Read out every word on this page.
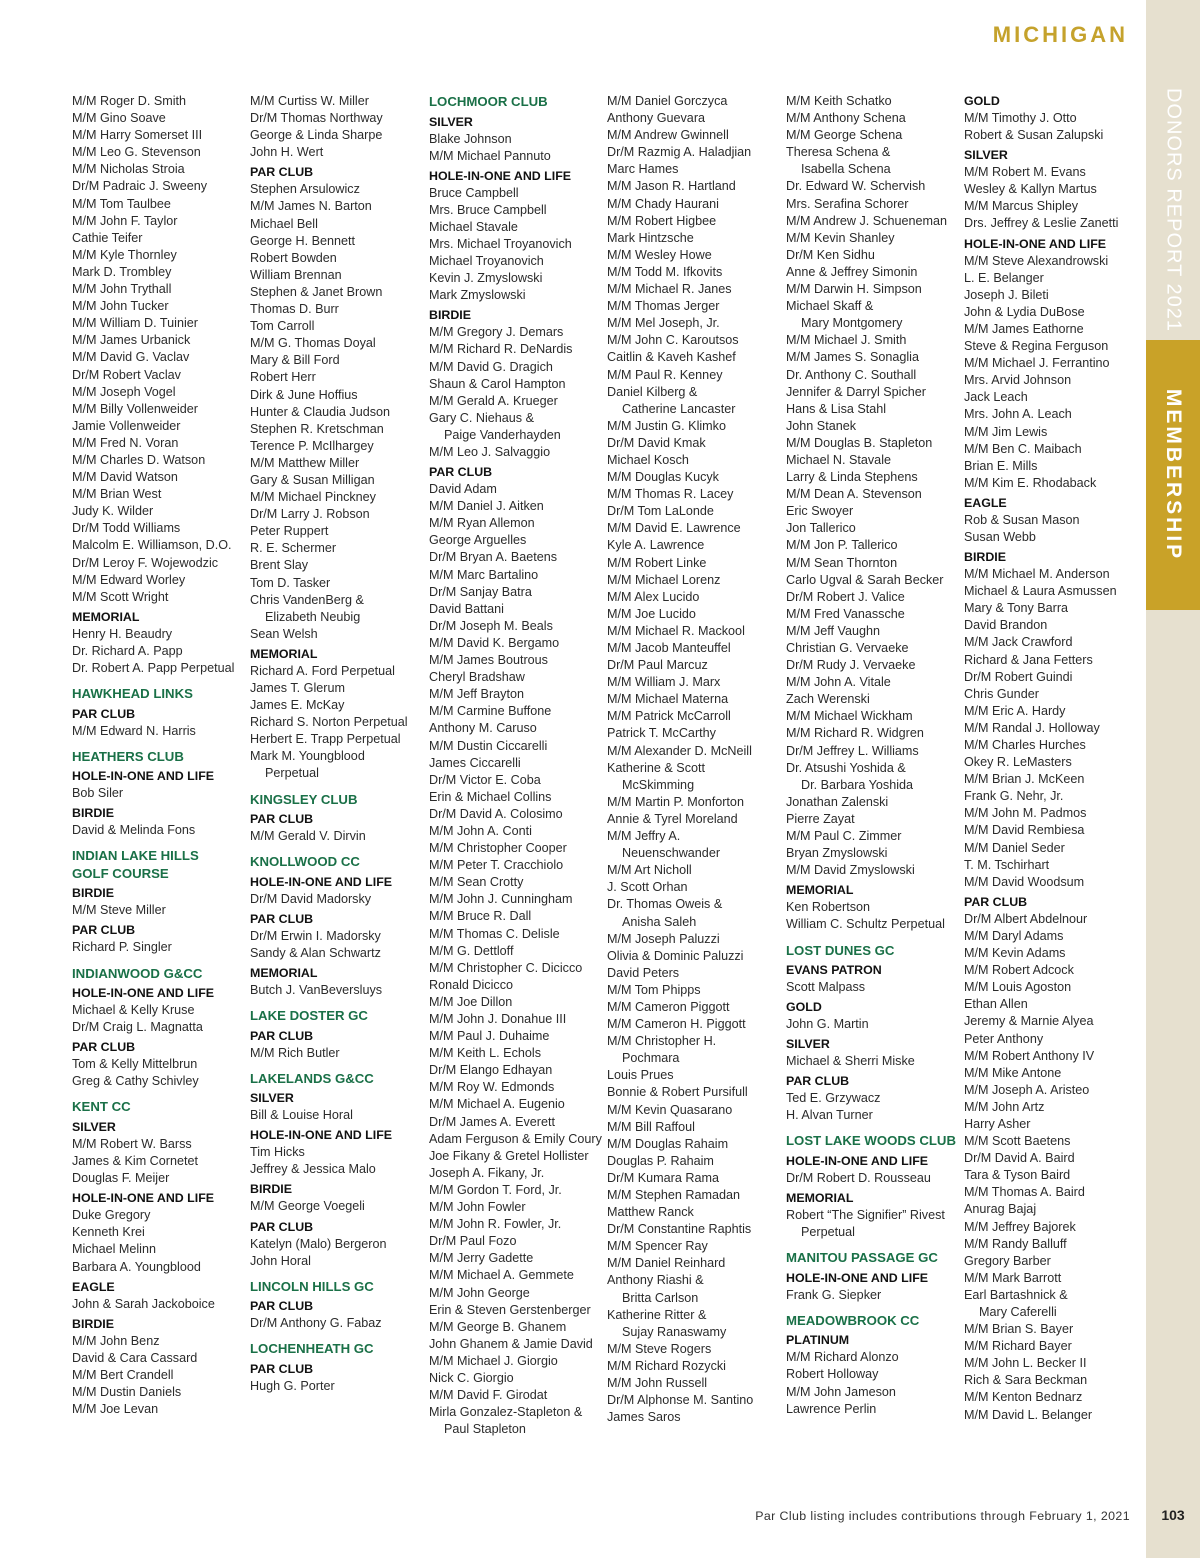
DONORS REPORT 2021
MEMBERSHIP
MICHIGAN
M/M Roger D. Smith
M/M Gino Soave
M/M Harry Somerset III
M/M Leo G. Stevenson
M/M Nicholas Stroia
Dr/M Padraic J. Sweeny
M/M Tom Taulbee
M/M John F. Taylor
Cathie Teifer
M/M Kyle Thornley
Mark D. Trombley
M/M John Trythall
M/M John Tucker
M/M William D. Tuinier
M/M James Urbanick
M/M David G. Vaclav
Dr/M Robert Vaclav
M/M Joseph Vogel
M/M Billy Vollenweider
Jamie Vollenweider
M/M Fred N. Voran
M/M Charles D. Watson
M/M David Watson
M/M Brian West
Judy K. Wilder
Dr/M Todd Williams
Malcolm E. Williamson, D.O.
Dr/M Leroy F. Wojewodzic
M/M Edward Worley
M/M Scott Wright
MEMORIAL
Henry H. Beaudry
Dr. Richard A. Papp
Dr. Robert A. Papp Perpetual
HAWKHEAD LINKS
PAR CLUB
M/M Edward N. Harris
HEATHERS CLUB
HOLE-IN-ONE AND LIFE
Bob Siler
BIRDIE
David & Melinda Fons
INDIAN LAKE HILLS
GOLF COURSE
BIRDIE
M/M Steve Miller
PAR CLUB
Richard P. Singler
INDIANWOOD G&CC
HOLE-IN-ONE AND LIFE
Michael & Kelly Kruse
Dr/M Craig L. Magnatta
PAR CLUB
Tom & Kelly Mittelbrun
Greg & Cathy Schivley
KENT CC
SILVER
M/M Robert W. Barss
James & Kim Cornetet
Douglas F. Meijer
HOLE-IN-ONE AND LIFE
Duke Gregory
Kenneth Krei
Michael Melinn
Barbara A. Youngblood
EAGLE
John & Sarah Jackoboice
BIRDIE
M/M John Benz
David & Cara Cassard
M/M Bert Crandell
M/M Dustin Daniels
M/M Joe Levan
M/M Curtiss W. Miller
Dr/M Thomas Northway
George & Linda Sharpe
John H. Wert
PAR CLUB
Stephen Arsulowicz
M/M James N. Barton
Michael Bell
George H. Bennett
Robert Bowden
William Brennan
Stephen & Janet Brown
Thomas D. Burr
Tom Carroll
M/M G. Thomas Doyal
Mary & Bill Ford
Robert Herr
Dirk & June Hoffius
Hunter & Claudia Judson
Stephen R. Kretschman
Terence P. McIlhargey
M/M Matthew Miller
Gary & Susan Milligan
M/M Michael Pinckney
Dr/M Larry J. Robson
Peter Ruppert
R. E. Schermer
Brent Slay
Tom D. Tasker
Chris VandenBerg &
Elizabeth Neubig
Sean Welsh
MEMORIAL
Richard A. Ford Perpetual
James T. Glerum
James E. McKay
Richard S. Norton Perpetual
Herbert E. Trapp Perpetual
Mark M. Youngblood
Perpetual
KINGSLEY CLUB
PAR CLUB
M/M Gerald V. Dirvin
KNOLLWOOD CC
HOLE-IN-ONE AND LIFE
Dr/M David Madorsky
PAR CLUB
Dr/M Erwin I. Madorsky
Sandy & Alan Schwartz
MEMORIAL
Butch J. VanBeversluys
LAKE DOSTER GC
PAR CLUB
M/M Rich Butler
LAKELANDS G&CC
SILVER
Bill & Louise Horal
HOLE-IN-ONE AND LIFE
Tim Hicks
Jeffrey & Jessica Malo
BIRDIE
M/M George Voegeli
PAR CLUB
Katelyn (Malo) Bergeron
John Horal
LINCOLN HILLS GC
PAR CLUB
Dr/M Anthony G. Fabaz
LOCHENHEATH GC
PAR CLUB
Hugh G. Porter
LOCHMOOR CLUB
SILVER
Blake Johnson
M/M Michael Pannuto
HOLE-IN-ONE AND LIFE
Bruce Campbell
Mrs. Bruce Campbell
Michael Stavale
Mrs. Michael Troyanovich
Michael Troyanovich
Kevin J. Zmyslowski
Mark Zmyslowski
BIRDIE
M/M Gregory J. Demars
M/M Richard R. DeNardis
M/M David G. Dragich
Shaun & Carol Hampton
M/M Gerald A. Krueger
Gary C. Niehaus &
Paige Vanderhayden
M/M Leo J. Salvaggio
PAR CLUB
David Adam
M/M Daniel J. Aitken
M/M Ryan Allemon
George Arguelles
Dr/M Bryan A. Baetens
M/M Marc Bartalino
Dr/M Sanjay Batra
David Battani
Dr/M Joseph M. Beals
M/M David K. Bergamo
M/M James Boutrous
Cheryl Bradshaw
M/M Jeff Brayton
M/M Carmine Buffone
Anthony M. Caruso
M/M Dustin Ciccarelli
James Ciccarelli
Dr/M Victor E. Coba
Erin & Michael Collins
Dr/M David A. Colosimo
M/M John A. Conti
M/M Christopher Cooper
M/M Peter T. Cracchiolo
M/M Sean Crotty
M/M John J. Cunningham
M/M Bruce R. Dall
M/M Thomas C. Delisle
M/M G. Dettloff
M/M Christopher C. Dicicco
Ronald Dicicco
M/M Joe Dillon
M/M John J. Donahue III
M/M Paul J. Duhaime
M/M Keith L. Echols
Dr/M Elango Edhayan
M/M Roy W. Edmonds
M/M Michael A. Eugenio
Dr/M James A. Everett
Adam Ferguson & Emily Coury
Joe Fikany & Gretel Hollister
Joseph A. Fikany, Jr.
M/M Gordon T. Ford, Jr.
M/M John Fowler
M/M John R. Fowler, Jr.
Dr/M Paul Fozo
M/M Jerry Gadette
M/M Michael A. Gemmete
M/M John George
Erin & Steven Gerstenberger
M/M George B. Ghanem
John Ghanem & Jamie David
M/M Michael J. Giorgio
Nick C. Giorgio
M/M David F. Girodat
Mirla Gonzalez-Stapleton &
Paul Stapleton
M/M Daniel Gorczyca
Anthony Guevara
M/M Andrew Gwinnell
Dr/M Razmig A. Haladjian
Marc Hames
M/M Jason R. Hartland
M/M Chady Haurani
M/M Robert Higbee
Mark Hintzsche
M/M Wesley Howe
M/M Todd M. Ifkovits
M/M Michael R. Janes
M/M Thomas Jerger
M/M Mel Joseph, Jr.
M/M John C. Karoutsos
Caitlin & Kaveh Kashef
M/M Paul R. Kenney
Daniel Kilberg &
Catherine Lancaster
M/M Justin G. Klimko
Dr/M David Kmak
Michael Kosch
M/M Douglas Kucyk
M/M Thomas R. Lacey
Dr/M Tom LaLonde
M/M David E. Lawrence
Kyle A. Lawrence
M/M Robert Linke
M/M Michael Lorenz
M/M Alex Lucido
M/M Joe Lucido
M/M Michael R. Mackool
M/M Jacob Manteuffel
Dr/M Paul Marcuz
M/M William J. Marx
M/M Michael Materna
M/M Patrick McCarroll
Patrick T. McCarthy
M/M Alexander D. McNeill
Katherine & Scott
McSkimming
M/M Martin P. Monforton
Annie & Tyrel Moreland
M/M Jeffry A.
Neuenschwander
M/M Art Nicholl
J. Scott Orhan
Dr. Thomas Oweis &
Anisha Saleh
M/M Joseph Paluzzi
Olivia & Dominic Paluzzi
David Peters
M/M Tom Phipps
M/M Cameron Piggott
M/M Cameron H. Piggott
M/M Christopher H.
Pochmara
Louis Prues
Bonnie & Robert Pursifull
M/M Kevin Quasarano
M/M Bill Raffoul
M/M Douglas Rahaim
Douglas P. Rahaim
Dr/M Kumara Rama
M/M Stephen Ramadan
Matthew Ranck
Dr/M Constantine Raphtis
M/M Spencer Ray
M/M Daniel Reinhard
Anthony Riashi &
Britta Carlson
Katherine Ritter &
Sujay Ranaswamy
M/M Steve Rogers
M/M Richard Rozycki
M/M John Russell
Dr/M Alphonse M. Santino
James Saros
M/M Keith Schatko
M/M Anthony Schena
M/M George Schena
Theresa Schena &
Isabella Schena
Dr. Edward W. Schervish
Mrs. Serafina Schorer
M/M Andrew J. Schueneman
M/M Kevin Shanley
Dr/M Ken Sidhu
Anne & Jeffrey Simonin
M/M Darwin H. Simpson
Michael Skaff &
Mary Montgomery
M/M Michael J. Smith
M/M James S. Sonaglia
Dr. Anthony C. Southall
Jennifer & Darryl Spicher
Hans & Lisa Stahl
John Stanek
M/M Douglas B. Stapleton
Michael N. Stavale
Larry & Linda Stephens
M/M Dean A. Stevenson
Eric Swoyer
Jon Tallerico
M/M Jon P. Tallerico
M/M Sean Thornton
Carlo Ugval & Sarah Becker
Dr/M Robert J. Valice
M/M Fred Vanassche
M/M Jeff Vaughn
Christian G. Vervaeke
Dr/M Rudy J. Vervaeke
M/M John A. Vitale
Zach Werenski
M/M Michael Wickham
M/M Richard R. Widgren
Dr/M Jeffrey L. Williams
Dr. Atsushi Yoshida &
Dr. Barbara Yoshida
Jonathan Zalenski
Pierre Zayat
M/M Paul C. Zimmer
Bryan Zmyslowski
M/M David Zmyslowski
MEMORIAL
Ken Robertson
William C. Schultz Perpetual
LOST DUNES GC
EVANS PATRON
Scott Malpass
GOLD
John G. Martin
SILVER
Michael & Sherri Miske
PAR CLUB
Ted E. Grzywacz
H. Alvan Turner
LOST LAKE WOODS CLUB
HOLE-IN-ONE AND LIFE
Dr/M Robert D. Rousseau
MEMORIAL
Robert “The Signifier” Rivest
Perpetual
MANITOU PASSAGE GC
HOLE-IN-ONE AND LIFE
Frank G. Siepker
MEADOWBROOK CC
PLATINUM
M/M Richard Alonzo
Robert Holloway
M/M John Jameson
Lawrence Perlin
GOLD
M/M Timothy J. Otto
Robert & Susan Zalupski
SILVER
M/M Robert M. Evans
Wesley & Kallyn Martus
M/M Marcus Shipley
Drs. Jeffrey & Leslie Zanetti
HOLE-IN-ONE AND LIFE
M/M Steve Alexandrowski
L. E. Belanger
Joseph J. Bileti
John & Lydia DuBose
M/M James Eathorne
Steve & Regina Ferguson
M/M Michael J. Ferrantino
Mrs. Arvid Johnson
Jack Leach
Mrs. John A. Leach
M/M Jim Lewis
M/M Ben C. Maibach
Brian E. Mills
M/M Kim E. Rhodaback
EAGLE
Rob & Susan Mason
Susan Webb
BIRDIE
M/M Michael M. Anderson
Michael & Laura Asmussen
Mary & Tony Barra
David Brandon
M/M Jack Crawford
Richard & Jana Fetters
Dr/M Robert Guindi
Chris Gunder
M/M Eric A. Hardy
M/M Randal J. Holloway
M/M Charles Hurches
Okey R. LeMasters
M/M Brian J. McKeen
Frank G. Nehr, Jr.
M/M John M. Padmos
M/M David Rembiesa
M/M Daniel Seder
T. M. Tschirhart
M/M David Woodsum
PAR CLUB
Dr/M Albert Abdelnour
M/M Daryl Adams
M/M Kevin Adams
M/M Robert Adcock
M/M Louis Agoston
Ethan Allen
Jeremy & Marnie Alyea
Peter Anthony
M/M Robert Anthony IV
M/M Mike Antone
M/M Joseph A. Aristeo
M/M John Artz
Harry Asher
M/M Scott Baetens
Dr/M David A. Baird
Tara & Tyson Baird
M/M Thomas A. Baird
Anurag Bajaj
M/M Jeffrey Bajorek
M/M Randy Balluff
Gregory Barber
M/M Mark Barrott
Earl Bartashnick &
Mary Caferelli
M/M Brian S. Bayer
M/M Richard Bayer
M/M John L. Becker II
Rich & Sara Beckman
M/M Kenton Bednarz
M/M David L. Belanger
Par Club listing includes contributions through February 1, 2021	103
